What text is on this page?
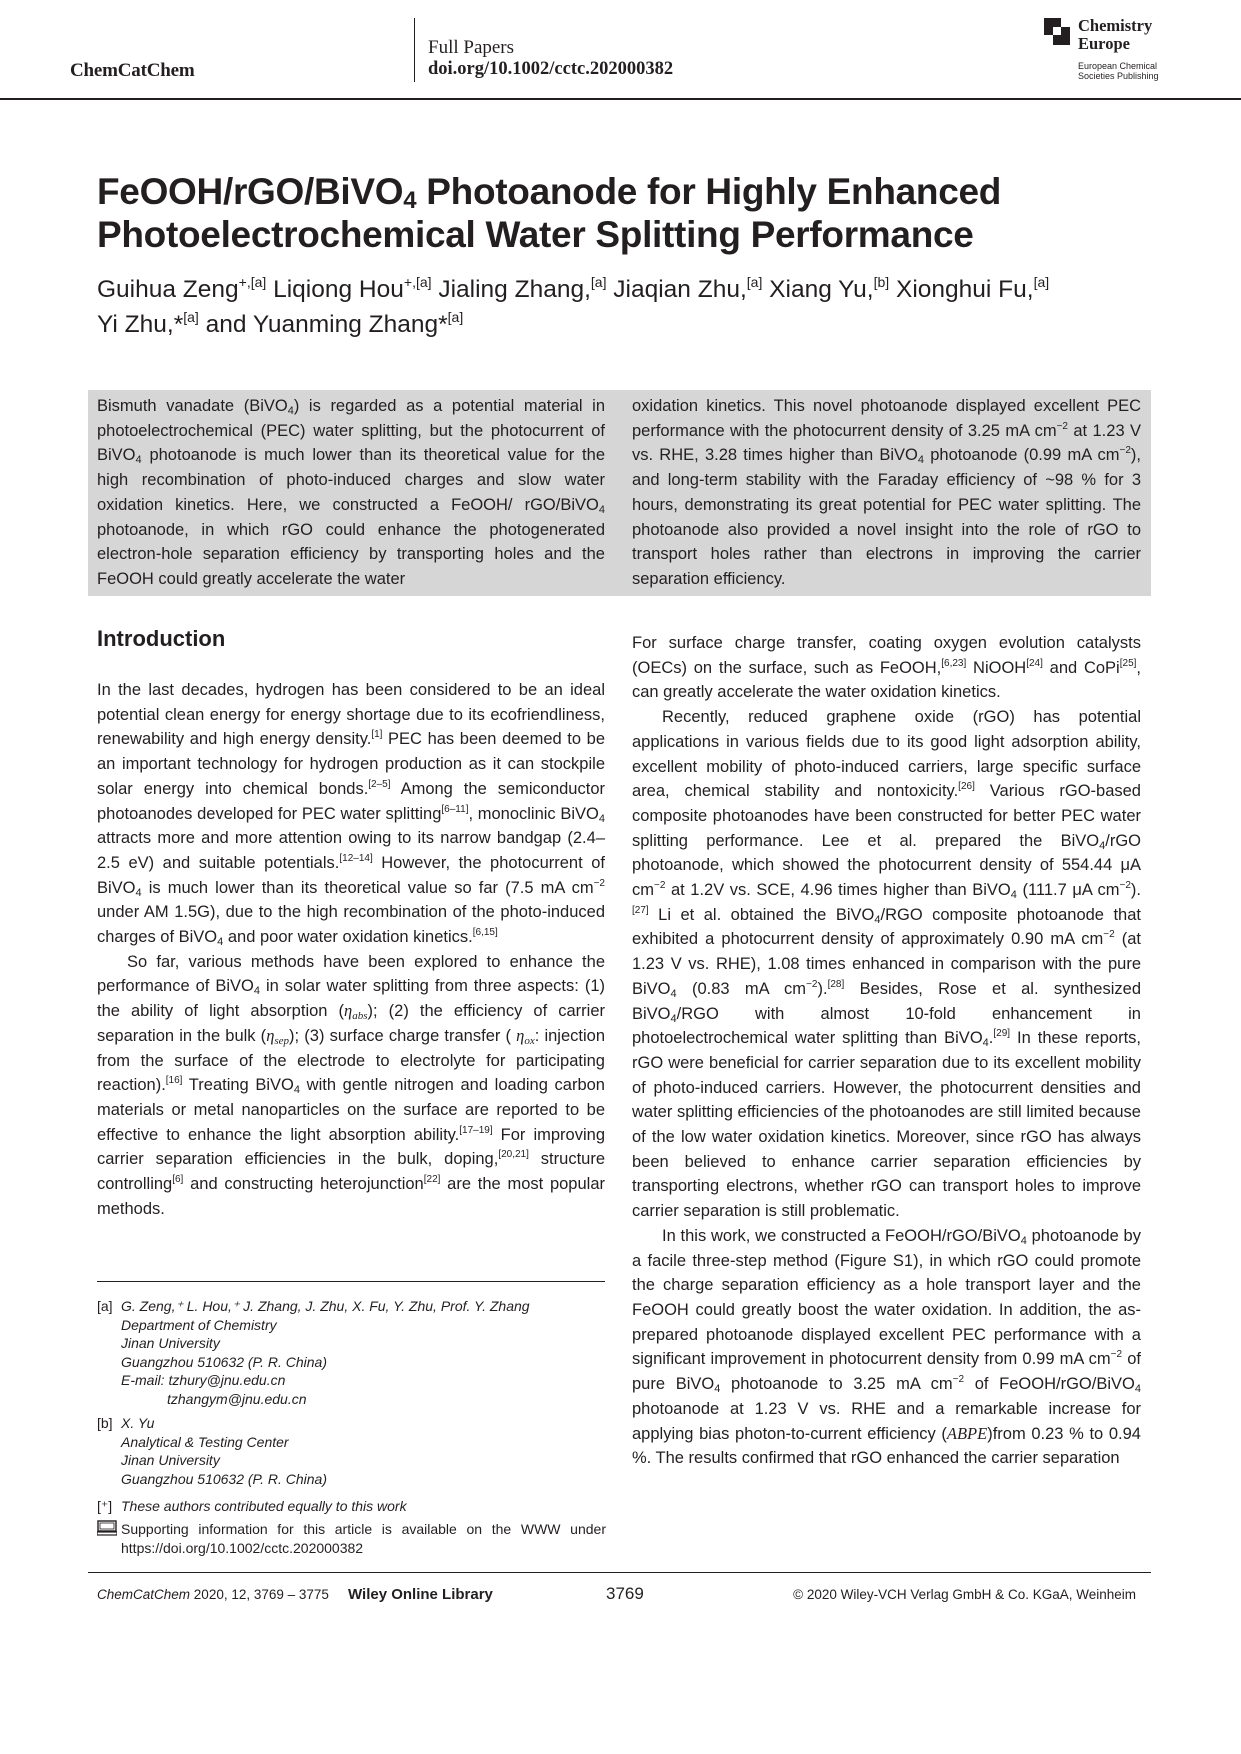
ChemCatChem
Full Papers
doi.org/10.1002/cctc.202000382
Chemistry
Europe
European Chemical
Societies Publishing
FeOOH/rGO/BiVO$_4$ Photoanode for Highly Enhanced
Photoelectrochemical Water Splitting Performance
Guihua Zeng$^{+,[a]}$ Liqiong Hou$^{+,[a]}$ Jialing Zhang,[a] Jiaqian Zhu,[a] Xiang Yu,[b] Xionghui Fu,[a]
Yi Zhu,*[a] and Yuanming Zhang*[a]

Bismuth vanadate (BiVO$_4$) is regarded as a potential material in photoelectrochemical (PEC) water splitting, but the photocurrent of BiVO$_4$ photoanode is much lower than its theoretical value for the high recombination of photo-induced charges and slow water oxidation kinetics. Here, we constructed a FeOOH/ rGO/BiVO$_4$ photoanode, in which rGO could enhance the photogenerated electron-hole separation efficiency by transporting holes and the FeOOH could greatly accelerate the water

oxidation kinetics. This novel photoanode displayed excellent PEC performance with the photocurrent density of 3.25 mA $cm^{-2}$ at 1.23 V vs. RHE, 3.28 times higher than BiVO$_4$ photoanode (0.99 mA $cm^{-2}$), and long-term stability with the Faraday efficiency of ~98 % for 3 hours, demonstrating its great potential for PEC water splitting. The photoanode also provided a novel insight into the role of rGO to transport holes rather than electrons in improving the carrier separation efficiency.

Introduction

In the last decades, hydrogen has been considered to be an ideal potential clean energy for energy shortage due to its ecofriendliness, renewability and high energy density.[1] PEC has been deemed to be an important technology for hydrogen production as it can stockpile solar energy into chemical bonds.[2–5] Among the semiconductor photoanodes developed for PEC water splitting[6–11], monoclinic BiVO$_4$ attracts more and more attention owing to its narrow bandgap (2.4–2.5 eV) and suitable potentials.[12–14] However, the photocurrent of BiVO$_4$ is much lower than its theoretical value so far (7.5 mA $cm^{-2}$ under AM 1.5G), due to the high recombination of the photo-induced charges of BiVO$_4$ and poor water oxidation kinetics.[6,15]

So far, various methods have been explored to enhance the performance of BiVO$_4$ in solar water splitting from three aspects: (1) the ability of light absorption $(\eta_{abs})$; (2) the efficiency of carrier separation in the bulk $(\eta_{sep})$; (3) surface charge transfer ( $\eta_{ox}$: injection from the surface of the electrode to electrolyte for participating reaction).[16] Treating BiVO$_4$ with gentle nitrogen and loading carbon materials or metal nanoparticles on the surface are reported to be effective to enhance the light absorption ability.[17–19] For improving carrier separation efficiencies in the bulk, doping,[20,21] structure controlling[6] and constructing heterojunction[22] are the most popular methods.

For surface charge transfer, coating oxygen evolution catalysts (OECs) on the surface, such as FeOOH,[6,23] NiOOH[24] and CoPi[25], can greatly accelerate the water oxidation kinetics.

Recently, reduced graphene oxide (rGO) has potential applications in various fields due to its good light adsorption ability, excellent mobility of photo-induced carriers, large specific surface area, chemical stability and nontoxicity.[26] Various rGO-based composite photoanodes have been constructed for better PEC water splitting performance. Lee et al. prepared the BiVO$_4$/rGO photoanode, which showed the photocurrent density of 554.44 μA $cm^{-2}$ at 1.2V vs. SCE, 4.96 times higher than BiVO$_4$ (111.7 μA $cm^{-2}).[27]$ Li et al. obtained the BiVO$_4$/RGO composite photoanode that exhibited a photocurrent density of approximately 0.90 mA $cm^{-2}$ (at 1.23 V vs. RHE), 1.08 times enhanced in comparison with the pure BiVO$_4$ (0.83 mA $cm^{-2}).[28]$ Besides, Rose et al. synthesized BiVO$_4$/RGO with almost 10-fold enhancement in photoelectrochemical water splitting than BiVO$_4$.[29] In these reports, rGO were beneficial for carrier separation due to its excellent mobility of photo-induced carriers. However, the photocurrent densities and water splitting efficiencies of the photoanodes are still limited because of the low water oxidation kinetics. Moreover, since rGO has always been believed to enhance carrier separation efficiencies by transporting electrons, whether rGO can transport holes to improve carrier separation is still problematic.

In this work, we constructed a FeOOH/rGO/BiVO$_4$ photoanode by a facile three-step method (Figure S1), in which rGO could promote the charge separation efficiency as a hole transport layer and the FeOOH could greatly boost the water oxidation. In addition, the as-prepared photoanode displayed excellent PEC performance with a significant improvement in photocurrent density from 0.99 mA $cm^{-2}$ of pure BiVO$_4$ photoanode to 3.25 mA $cm^{-2}$ of FeOOH/rGO/BiVO$_4$ photoanode at 1.23 V vs. RHE and a remarkable increase for applying bias photon-to-current efficiency (ABPE)from 0.23 % to 0.94 %. The results confirmed that rGO enhanced the carrier separation

[a] G. Zeng,⁺ L. Hou,⁺ J. Zhang, J. Zhu, X. Fu, Y. Zhu, Prof. Y. Zhang
Department of Chemistry
Jinan University
Guangzhou 510632 (P. R. China)
E-mail: tzhury@jnu.edu.cn
tzhangym@jnu.edu.cn
[b] X. Yu
Analytical & Testing Center
Jinan University
Guangzhou 510632 (P. R. China)
[⁺] These authors contributed equally to this work
Supporting information for this article is available on the WWW under https://doi.org/10.1002/cctc.202000382
ChemCatChem 2020, 12, 3769 – 3775 Wiley Online Library	3769	© 2020 Wiley-VCH Verlag GmbH & Co. KGaA, Weinheim
